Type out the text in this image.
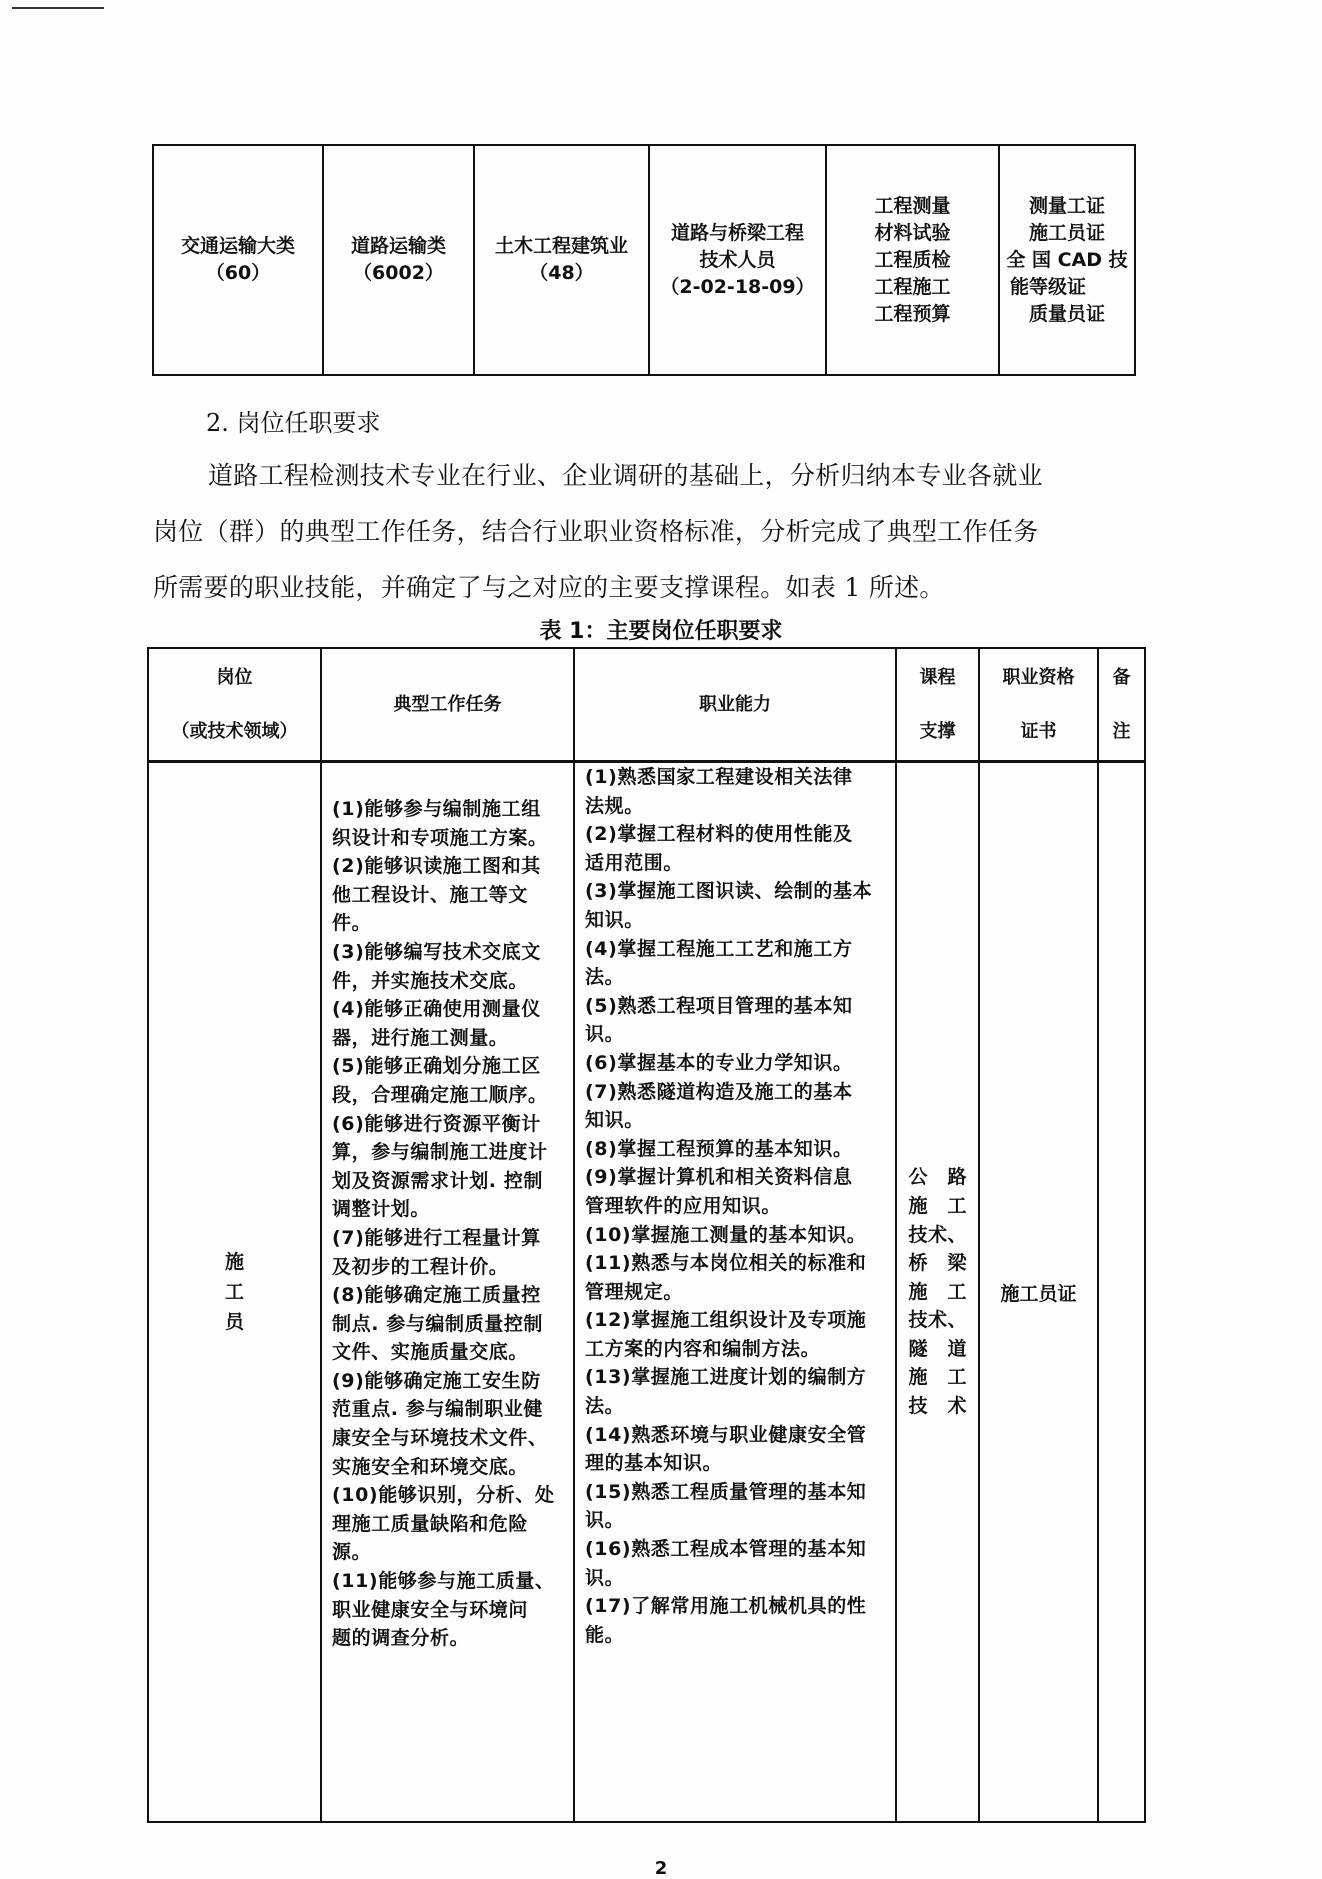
交通运输大类
（60）
道路运输类
（6002）
土木工程建筑业
（48）
道路与桥梁工程
技术人员
（2-02-18-09）
工程测量
材料试验
工程质检
工程施工
工程预算
测量工证
施工员证
全 国 CAD 技
能等级证
质量员证
2. 岗位任职要求
道路工程检测技术专业在行业、企业调研的基础上，分析归纳本专业各就业
岗位（群）的典型工作任务，结合行业职业资格标准，分析完成了典型工作任务
所需要的职业技能，并确定了与之对应的主要支撑课程。如表 1 所述。
表 1：主要岗位任职要求
岗位
（或技术领域）
典型工作任务	职业能力
课程
支撑
职业资格
证书
备
注
施
工
员
(1)能够参与编制施工组
织设计和专项施工方案。
(2)能够识读施工图和其
他工程设计、施工等文
件。
(3)能够编写技术交底文
件，并实施技术交底。
(4)能够正确使用测量仪
器，进行施工测量。
(5)能够正确划分施工区
段，合理确定施工顺序。
(6)能够进行资源平衡计
算，参与编制施工进度计
划及资源需求计划. 控制
调整计划。
(7)能够进行工程量计算
及初步的工程计价。
(8)能够确定施工质量控
制点. 参与编制质量控制
文件、实施质量交底。
(9)能够确定施工安生防
范重点. 参与编制职业健
康安全与环境技术文件、
实施安全和环境交底。
(10)能够识别，分析、处
理施工质量缺陷和危险
源。
(11)能够参与施工质量、
职业健康安全与环境问
题的调查分析。
(1)熟悉国家工程建设相关法律
法规。
(2)掌握工程材料的使用性能及
适用范围。
(3)掌握施工图识读、绘制的基本
知识。
(4)掌握工程施工工艺和施工方
法。
(5)熟悉工程项目管理的基本知
识。
(6)掌握基本的专业力学知识。
(7)熟悉隧道构造及施工的基本
知识。
(8)掌握工程预算的基本知识。
(9)掌握计算机和相关资料信息
管理软件的应用知识。
(10)掌握施工测量的基本知识。
(11)熟悉与本岗位相关的标准和
管理规定。
(12)掌握施工组织设计及专项施
工方案的内容和编制方法。
(13)掌握施工进度计划的编制方
法。
(14)熟悉环境与职业健康安全管
理的基本知识。
(15)熟悉工程质量管理的基本知
识。
(16)熟悉工程成本管理的基本知
识。
(17)了解常用施工机械机具的性
能。
公 路
施 工
技术、
桥 梁
施 工
技术、
隧 道
施 工
技术
施工员证
2
